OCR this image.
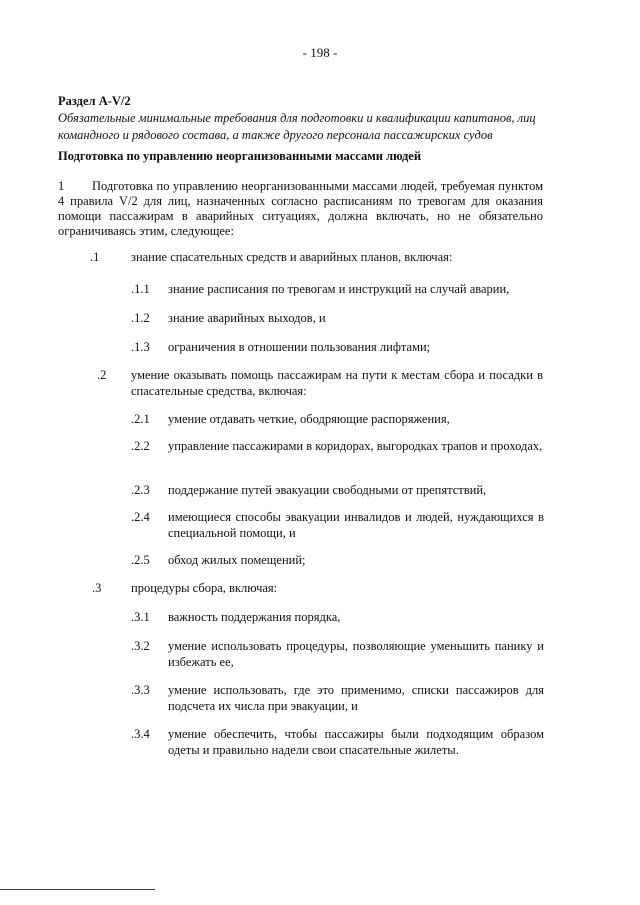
- 198 -
Раздел A-V/2
Обязательные минимальные требования для подготовки и квалификации капитанов, лиц командного и рядового состава, а также другого персонала пассажирских судов
Подготовка по управлению неорганизованными массами людей

1 Подготовка по управлению неорганизованными массами людей, требуемая пунктом 4 правила V/2 для лиц, назначенных согласно расписаниям по тревогам для оказания помощи пассажирам в аварийных ситуациях, должна включать, но не обязательно ограничиваясь этим, следующее:

.1	знание спасательных средств и аварийных планов, включая:
.1.1 знание расписания по тревогам и инструкций на случай аварии,
.1.2 знание аварийных выходов, и
.1.3 ограничения в отношении пользования лифтами;
.2 умение оказывать помощь пассажирам на пути к местам сбора и посадки в спасательные средства, включая:
.2.1 умение отдавать четкие, ободряющие распоряжения,
.2.2 управление пассажирами в коридорах, выгородках трапов и проходах,
.2.3 поддержание путей эвакуации свободными от препятствий,
.2.4 имеющиеся способы эвакуации инвалидов и людей, нуждающихся в специальной помощи, и
.2.5 обход жилых помещений;
.3 процедуры сбора, включая:
.3.1 важность поддержания порядка,
.3.2 умение использовать процедуры, позволяющие уменьшить панику и избежать ее,
.3.3 умение использовать, где это применимо, списки пассажиров для подсчета их числа при эвакуации, и
.3.4 умение обеспечить, чтобы пассажиры были подходящим образом одеты и правильно надели свои спасательные жилеты.
